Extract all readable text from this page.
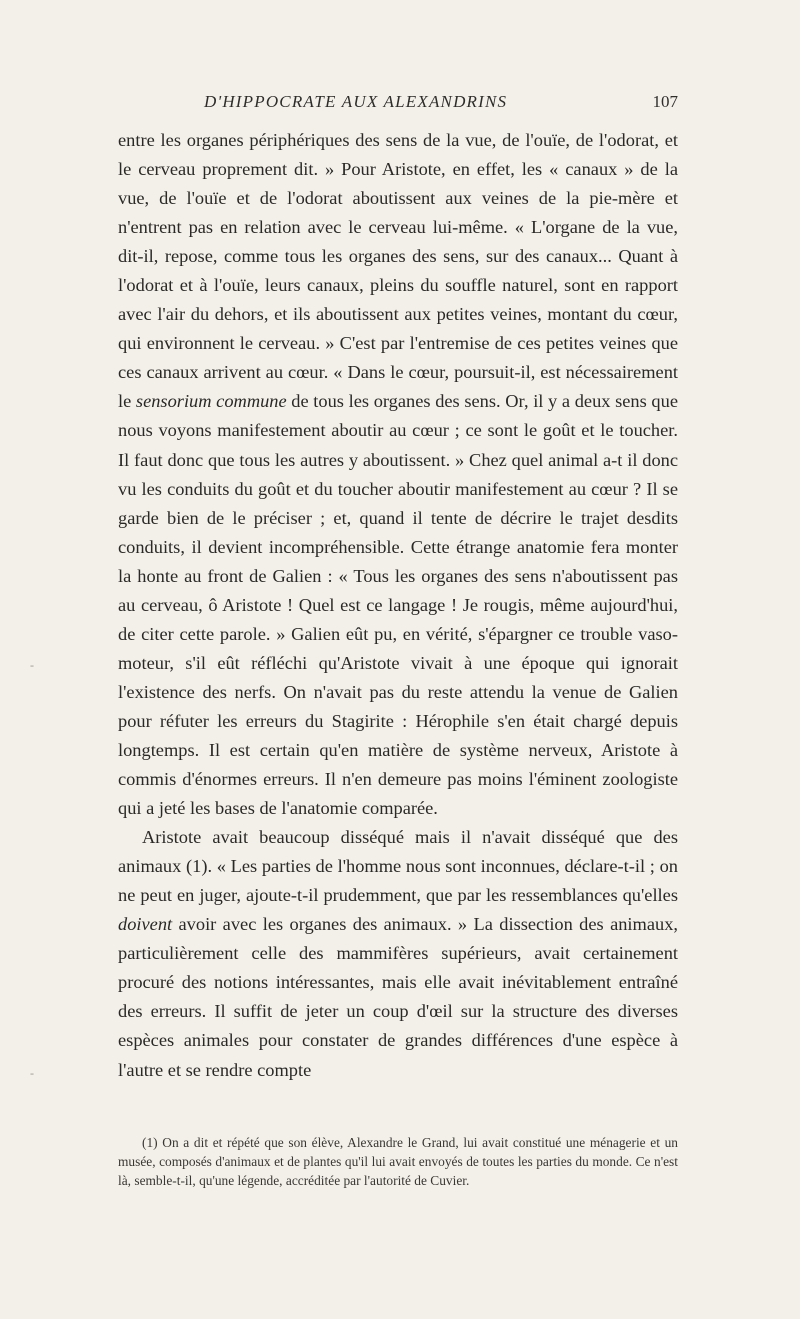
D'HIPPOCRATE AUX ALEXANDRINS	107

entre les organes périphériques des sens de la vue, de l'ouïe, de l'odorat, et le cerveau proprement dit. » Pour Aristote, en effet, les « canaux » de la vue, de l'ouïe et de l'odorat aboutissent aux veines de la pie-mère et n'entrent pas en relation avec le cerveau lui-même. « L'organe de la vue, dit-il, repose, comme tous les organes des sens, sur des canaux... Quant à l'odorat et à l'ouïe, leurs canaux, pleins du souffle naturel, sont en rapport avec l'air du dehors, et ils aboutissent aux petites veines, montant du cœur, qui environnent le cerveau. » C'est par l'entremise de ces petites veines que ces canaux arrivent au cœur. « Dans le cœur, poursuit-il, est nécessairement le sensorium commune de tous les organes des sens. Or, il y a deux sens que nous voyons manifestement aboutir au cœur ; ce sont le goût et le toucher. Il faut donc que tous les autres y aboutissent. » Chez quel animal a-t il donc vu les conduits du goût et du toucher aboutir manifestement au cœur ? Il se garde bien de le préciser ; et, quand il tente de décrire le trajet desdits conduits, il devient incompréhensible. Cette étrange anatomie fera monter la honte au front de Galien : « Tous les organes des sens n'aboutissent pas au cerveau, ô Aristote ! Quel est ce langage ! Je rougis, même aujourd'hui, de citer cette parole. » Galien eût pu, en vérité, s'épargner ce trouble vaso-moteur, s'il eût réfléchi qu'Aristote vivait à une époque qui ignorait l'existence des nerfs. On n'avait pas du reste attendu la venue de Galien pour réfuter les erreurs du Stagirite : Hérophile s'en était chargé depuis longtemps. Il est certain qu'en matière de système nerveux, Aristote à commis d'énormes erreurs. Il n'en demeure pas moins l'éminent zoologiste qui a jeté les bases de l'anatomie comparée.

Aristote avait beaucoup disséqué mais il n'avait disséqué que des animaux (1). « Les parties de l'homme nous sont inconnues, déclare-t-il ; on ne peut en juger, ajoute-t-il prudemment, que par les ressemblances qu'elles doivent avoir avec les organes des animaux. » La dissection des animaux, particulièrement celle des mammifères supérieurs, avait certainement procuré des notions intéressantes, mais elle avait inévitablement entraîné des erreurs. Il suffit de jeter un coup d'œil sur la structure des diverses espèces animales pour constater de grandes différences d'une espèce à l'autre et se rendre compte

(1) On a dit et répété que son élève, Alexandre le Grand, lui avait constitué une ménagerie et un musée, composés d'animaux et de plantes qu'il lui avait envoyés de toutes les parties du monde. Ce n'est là, semble-t-il, qu'une légende, accréditée par l'autorité de Cuvier.

-
-
